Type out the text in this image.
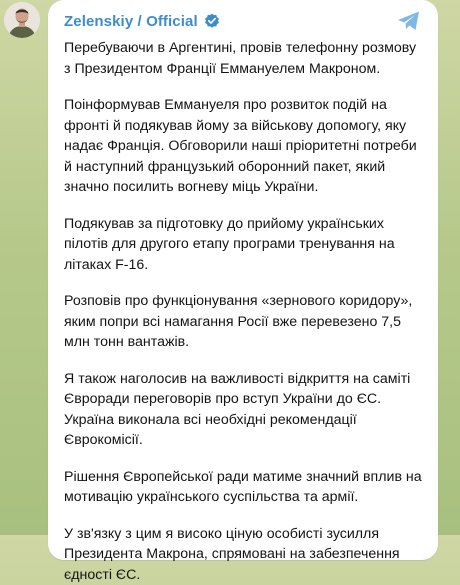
Zelenskiy / Official

Перебуваючи в Аргентині, провів телефонну розмову з Президентом Франції Еммануелем Макроном.

Поінформував Еммануеля про розвиток подій на фронті й подякував йому за військову допомогу, яку надає Франція. Обговорили наші пріоритетні потреби й наступний французький оборонний пакет, який значно посилить вогневу міць України.

Подякував за підготовку до прийому українських пілотів для другого етапу програми тренування на літаках F-16.

Розповів про функціонування «зернового коридору», яким попри всі намагання Росії вже перевезено 7,5 млн тонн вантажів.

Я також наголосив на важливості відкриття на саміті Євроради переговорів про вступ України до ЄС. Україна виконала всі необхідні рекомендації Єврокомісії.

Рішення Європейської ради матиме значний вплив на мотивацію українського суспільства та армії.

У зв'язку з цим я високо ціную особисті зусилля Президента Макрона, спрямовані на забезпечення єдності ЄС.
